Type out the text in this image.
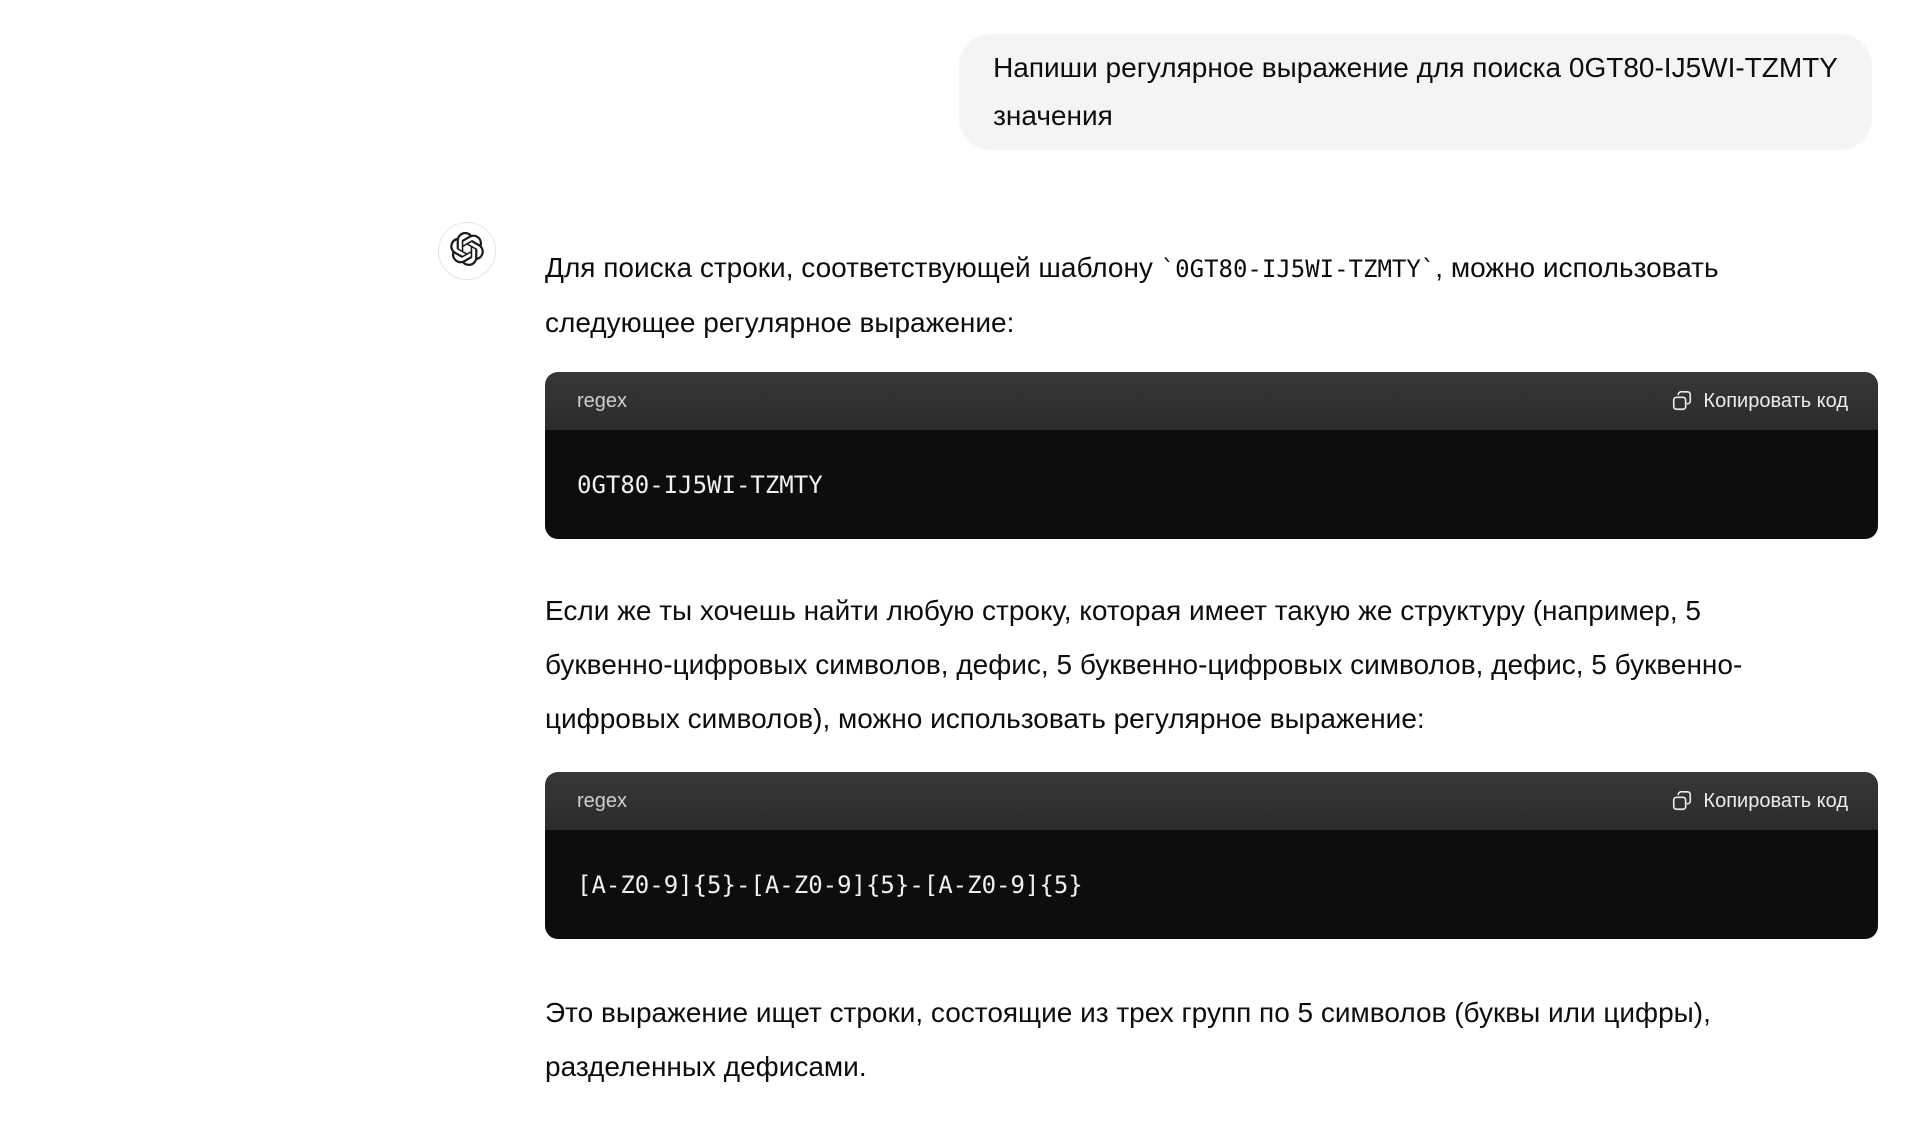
Напиши регулярное выражение для поиска 0GT80-IJ5WI-TZMTY
значения
Для поиска строки, соответствующей шаблону `0GT80-IJ5WI-TZMTY`, можно использовать
следующее регулярное выражение:
regex	Копировать код
0GT80-IJ5WI-TZMTY
Если же ты хочешь найти любую строку, которая имеет такую же структуру (например, 5
буквенно-цифровых символов, дефис, 5 буквенно-цифровых символов, дефис, 5 буквенно-
цифровых символов), можно использовать регулярное выражение:
regex	Копировать код
[A-Z0-9]{5}-[A-Z0-9]{5}-[A-Z0-9]{5}
Это выражение ищет строки, состоящие из трех групп по 5 символов (буквы или цифры),
разделенных дефисами.
